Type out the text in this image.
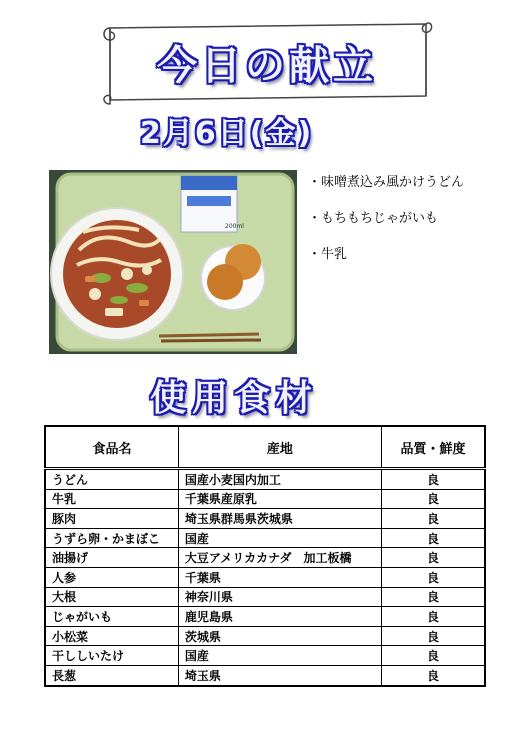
今日の献立
2月6日(金)
200ml
・味噌煮込み風かけうどん
・もちもちじゃがいも
・牛乳
使用食材
食品名	産地	品質・鮮度
うどん	国産小麦国内加工	良
牛乳	千葉県産原乳	良
豚肉	埼玉県群馬県茨城県	良
うずら卵・かまぼこ	国産	良
油揚げ	大豆アメリカカナダ　加工板橋	良
人参	千葉県	良
大根	神奈川県	良
じゃがいも	鹿児島県	良
小松菜	茨城県	良
干ししいたけ	国産	良
長葱	埼玉県	良
